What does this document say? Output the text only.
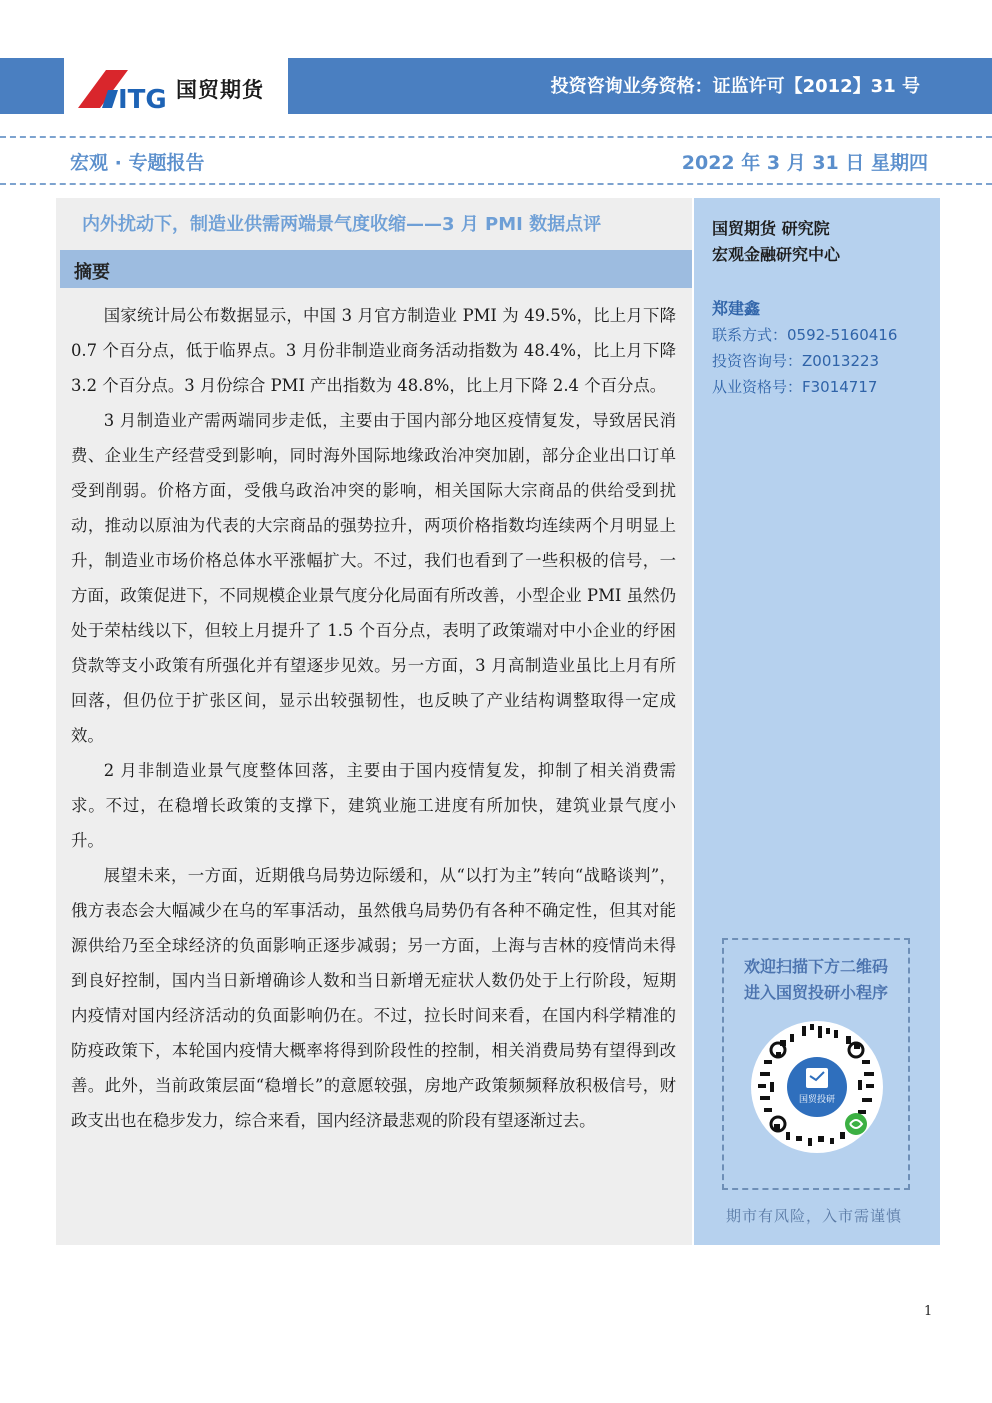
ITG 国贸期货	投资咨询业务资格：证监许可【2012】31 号
宏观 · 专题报告	2022 年 3 月 31 日 星期四
内外扰动下，制造业供需两端景气度收缩——3 月 PMI 数据点评
摘要

国家统计局公布数据显示，中国 3 月官方制造业 PMI 为 49.5%，比上月下降 0.7 个百分点，低于临界点。3 月份非制造业商务活动指数为 48.4%，比上月下降 3.2 个百分点。3 月份综合 PMI 产出指数为 48.8%，比上月下降 2.4 个百分点。

3 月制造业产需两端同步走低，主要由于国内部分地区疫情复发，导致居民消费、企业生产经营受到影响，同时海外国际地缘政治冲突加剧，部分企业出口订单受到削弱。价格方面，受俄乌政治冲突的影响，相关国际大宗商品的供给受到扰动，推动以原油为代表的大宗商品的强势拉升，两项价格指数均连续两个月明显上升，制造业市场价格总体水平涨幅扩大。不过，我们也看到了一些积极的信号，一方面，政策促进下，不同规模企业景气度分化局面有所改善，小型企业 PMI 虽然仍处于荣枯线以下，但较上月提升了 1.5 个百分点，表明了政策端对中小企业的纾困贷款等支小政策有所强化并有望逐步见效。另一方面，3 月高制造业虽比上月有所回落，但仍位于扩张区间，显示出较强韧性，也反映了产业结构调整取得一定成效。

2 月非制造业景气度整体回落，主要由于国内疫情复发，抑制了相关消费需求。不过，在稳增长政策的支撑下，建筑业施工进度有所加快，建筑业景气度小升。

展望未来，一方面，近期俄乌局势边际缓和，从“以打为主”转向“战略谈判”，俄方表态会大幅减少在乌的军事活动，虽然俄乌局势仍有各种不确定性，但其对能源供给乃至全球经济的负面影响正逐步减弱；另一方面，上海与吉林的疫情尚未得到良好控制，国内当日新增确诊人数和当日新增无症状人数仍处于上行阶段，短期内疫情对国内经济活动的负面影响仍在。不过，拉长时间来看，在国内科学精准的防疫政策下，本轮国内疫情大概率将得到阶段性的控制，相关消费局势有望得到改善。此外，当前政策层面“稳增长”的意愿较强，房地产政策频频释放积极信号，财政支出也在稳步发力，综合来看，国内经济最悲观的阶段有望逐渐过去。

国贸期货 研究院
宏观金融研究中心
郑建鑫
联系方式：0592-5160416
投资咨询号：Z0013223
从业资格号：F3014717
欢迎扫描下方二维码
进入国贸投研小程序
国贸投研
期市有风险，入市需谨慎
1
